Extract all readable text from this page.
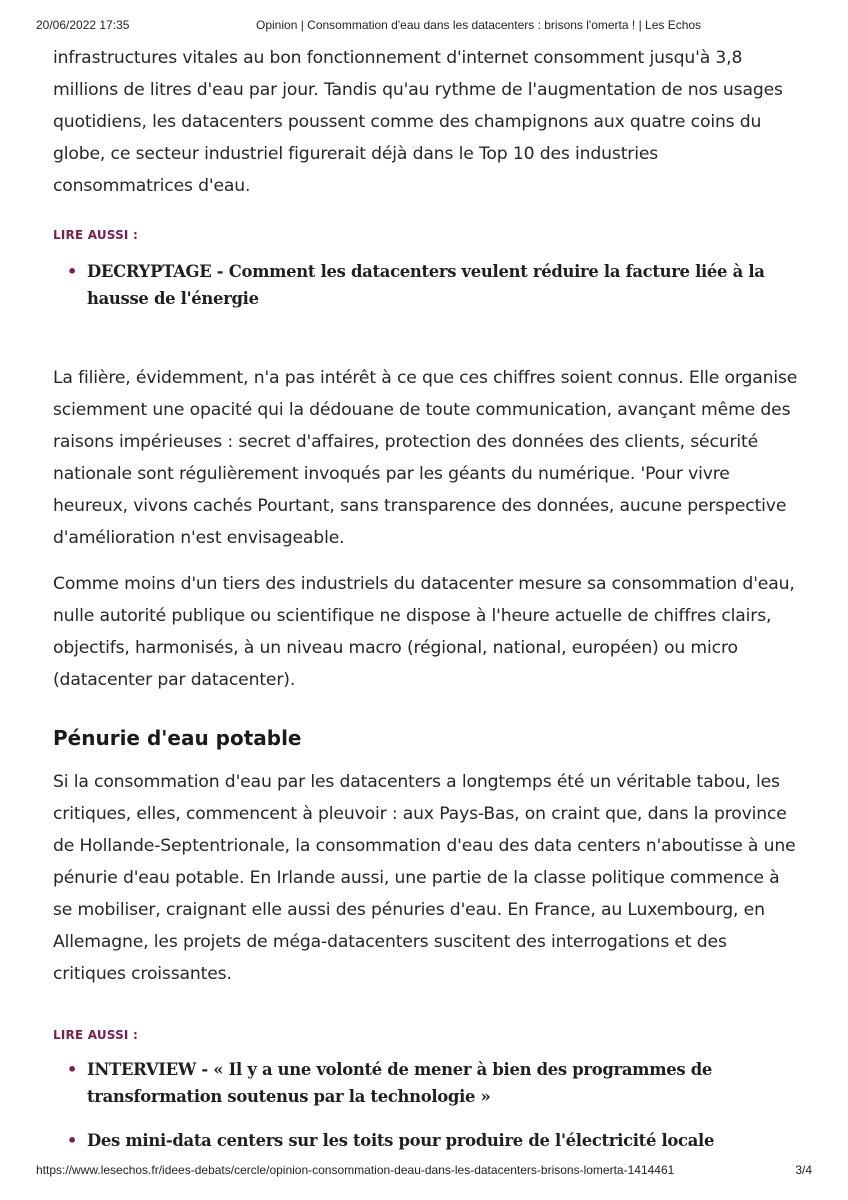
20/06/2022 17:35	Opinion | Consommation d'eau dans les datacenters : brisons l'omerta ! | Les Echos

infrastructures vitales au bon fonctionnement d'internet consomment jusqu'à 3,8 millions de litres d'eau par jour. Tandis qu'au rythme de l'augmentation de nos usages quotidiens, les datacenters poussent comme des champignons aux quatre coins du globe, ce secteur industriel figurerait déjà dans le Top 10 des industries consommatrices d'eau.

LIRE AUSSI :

• DECRYPTAGE - Comment les datacenters veulent réduire la facture liée à la hausse de l'énergie

La filière, évidemment, n'a pas intérêt à ce que ces chiffres soient connus. Elle organise sciemment une opacité qui la dédouane de toute communication, avançant même des raisons impérieuses : secret d'affaires, protection des données des clients, sécurité nationale sont régulièrement invoqués par les géants du numérique. 'Pour vivre heureux, vivons cachés Pourtant, sans transparence des données, aucune perspective d'amélioration n'est envisageable.

Comme moins d'un tiers des industriels du datacenter mesure sa consommation d'eau, nulle autorité publique ou scientifique ne dispose à l'heure actuelle de chiffres clairs, objectifs, harmonisés, à un niveau macro (régional, national, européen) ou micro (datacenter par datacenter).

Pénurie d'eau potable

Si la consommation d'eau par les datacenters a longtemps été un véritable tabou, les critiques, elles, commencent à pleuvoir : aux Pays-Bas, on craint que, dans la province de Hollande-Septentrionale, la consommation d'eau des data centers n'aboutisse à une pénurie d'eau potable. En Irlande aussi, une partie de la classe politique commence à se mobiliser, craignant elle aussi des pénuries d'eau. En France, au Luxembourg, en Allemagne, les projets de méga-datacenters suscitent des interrogations et des critiques croissantes.

LIRE AUSSI :

• INTERVIEW - « Il y a une volonté de mener à bien des programmes de transformation soutenus par la technologie »
• Des mini-data centers sur les toits pour produire de l'électricité locale
https://www.lesechos.fr/idees-debats/cercle/opinion-consommation-deau-dans-les-datacenters-brisons-lomerta-1414461	3/4
